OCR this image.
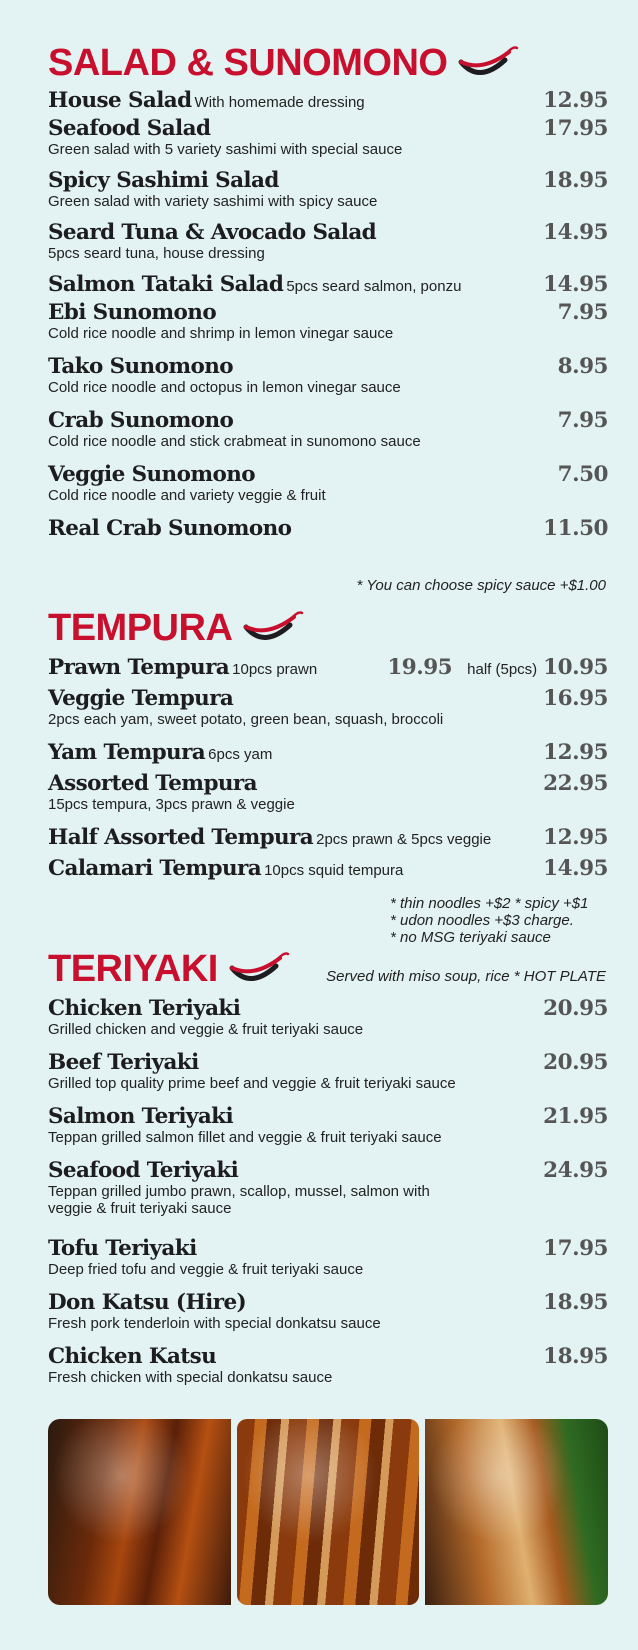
SALAD & SUNOMONO
House Salad With homemade dressing	12.95
Seafood Salad	17.95
Green salad with 5 variety sashimi with special sauce
Spicy Sashimi Salad	18.95
Green salad with variety sashimi with spicy sauce
Seard Tuna & Avocado Salad	14.95
5pcs seard tuna, house dressing
Salmon Tataki Salad 5pcs seard salmon, ponzu	14.95
Ebi Sunomono	7.95
Cold rice noodle and shrimp in lemon vinegar sauce
Tako Sunomono	8.95
Cold rice noodle and octopus in lemon vinegar sauce
Crab Sunomono	7.95
Cold rice noodle and stick crabmeat in sunomono sauce
Veggie Sunomono	7.50
Cold rice noodle and variety veggie & fruit
Real Crab Sunomono	11.50
* You can choose spicy sauce +$1.00
TEMPURA
Prawn Tempura 10pcs prawn	19.95 half (5pcs) 10.95
Veggie Tempura	16.95
2pcs each yam, sweet potato, green bean, squash, broccoli
Yam Tempura 6pcs yam	12.95
Assorted Tempura	22.95
15pcs tempura, 3pcs prawn & veggie
Half Assorted Tempura 2pcs prawn & 5pcs veggie 12.95
Calamari Tempura 10pcs squid tempura	14.95
* thin noodles +$2 * spicy +$1
* udon noodles +$3 charge.
* no MSG teriyaki sauce
TERIYAKI	Served with miso soup, rice * HOT PLATE
Chicken Teriyaki	20.95
Grilled chicken and veggie & fruit teriyaki sauce
Beef Teriyaki	20.95
Grilled top quality prime beef and veggie & fruit teriyaki sauce
Salmon Teriyaki	21.95
Teppan grilled salmon fillet and veggie & fruit teriyaki sauce
Seafood Teriyaki	24.95
Teppan grilled jumbo prawn, scallop, mussel, salmon with
veggie & fruit teriyaki sauce
Tofu Teriyaki	17.95
Deep fried tofu and veggie & fruit teriyaki sauce
Don Katsu (Hire)	18.95
Fresh pork tenderloin with special donkatsu sauce
Chicken Katsu	18.95
Fresh chicken with special donkatsu sauce
